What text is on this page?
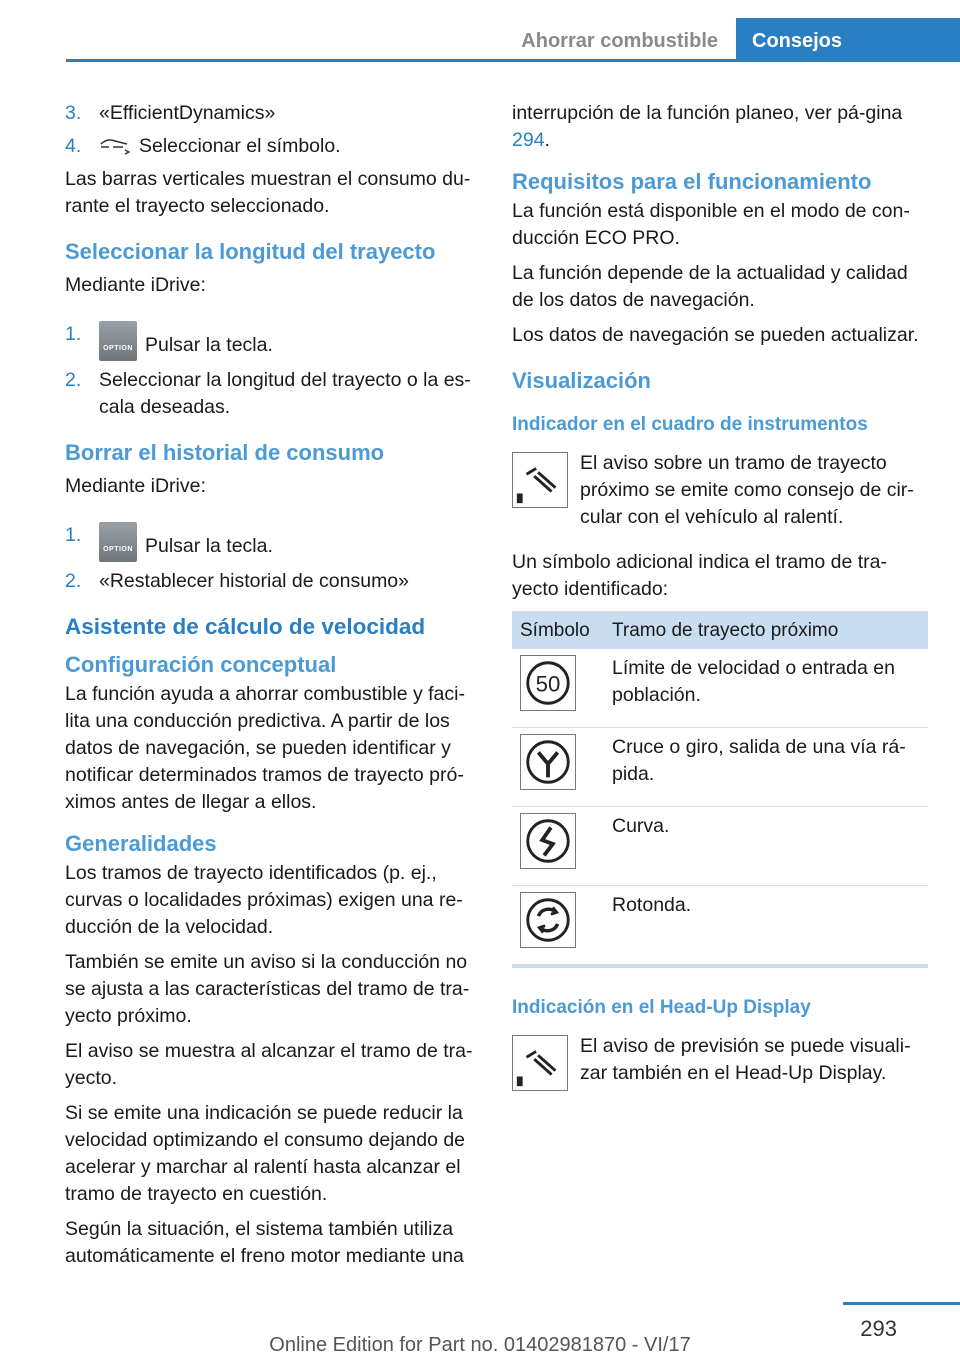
Ahorrar combustible	Consejos
3. «EfficientDynamics»
4.	Seleccionar el símbolo.

Las barras verticales muestran el consumo du-rante el trayecto seleccionado.

Seleccionar la longitud del trayecto

Mediante iDrive:

1.
OPTION Pulsar la tecla.
2. Seleccionar la longitud del trayecto o la es-cala deseadas.
Borrar el historial de consumo

Mediante iDrive:

1.
OPTION Pulsar la tecla.
2. «Restablecer historial de consumo»
Asistente de cálculo de velocidad
Configuración conceptual

La función ayuda a ahorrar combustible y faci-lita una conducción predictiva. A partir de los datos de navegación, se pueden identificar y notificar determinados tramos de trayecto pró-ximos antes de llegar a ellos.

Generalidades

Los tramos de trayecto identificados (p. ej., curvas o localidades próximas) exigen una re-ducción de la velocidad.

También se emite un aviso si la conducción no se ajusta a las características del tramo de tra-yecto próximo.

El aviso se muestra al alcanzar el tramo de tra-yecto.

Si se emite una indicación se puede reducir la velocidad optimizando el consumo dejando de acelerar y marchar al ralentí hasta alcanzar el tramo de trayecto en cuestión.

Según la situación, el sistema también utiliza automáticamente el freno motor mediante una

interrupción de la función planeo, ver pá-gina 294.

Requisitos para el funcionamiento

La función está disponible en el modo de con-ducción ECO PRO.

La función depende de la actualidad y calidad de los datos de navegación.

Los datos de navegación se pueden actualizar.

Visualización
Indicador en el cuadro de instrumentos

El aviso sobre un tramo de trayecto próximo se emite como consejo de cir-cular con el vehículo al ralentí.

Un símbolo adicional indica el tramo de tra-yecto identificado:

Símbolo	Tramo de trayecto próximo

50	Límite de velocidad o entrada en población.
	Cruce o giro, salida de una vía rá-pida.
	Curva.
	Rotonda.
Indicación en el Head-Up Display

El aviso de previsión se puede visuali-zar también en el Head-Up Display.

293
Online Edition for Part no. 01402981870 - VI/17
